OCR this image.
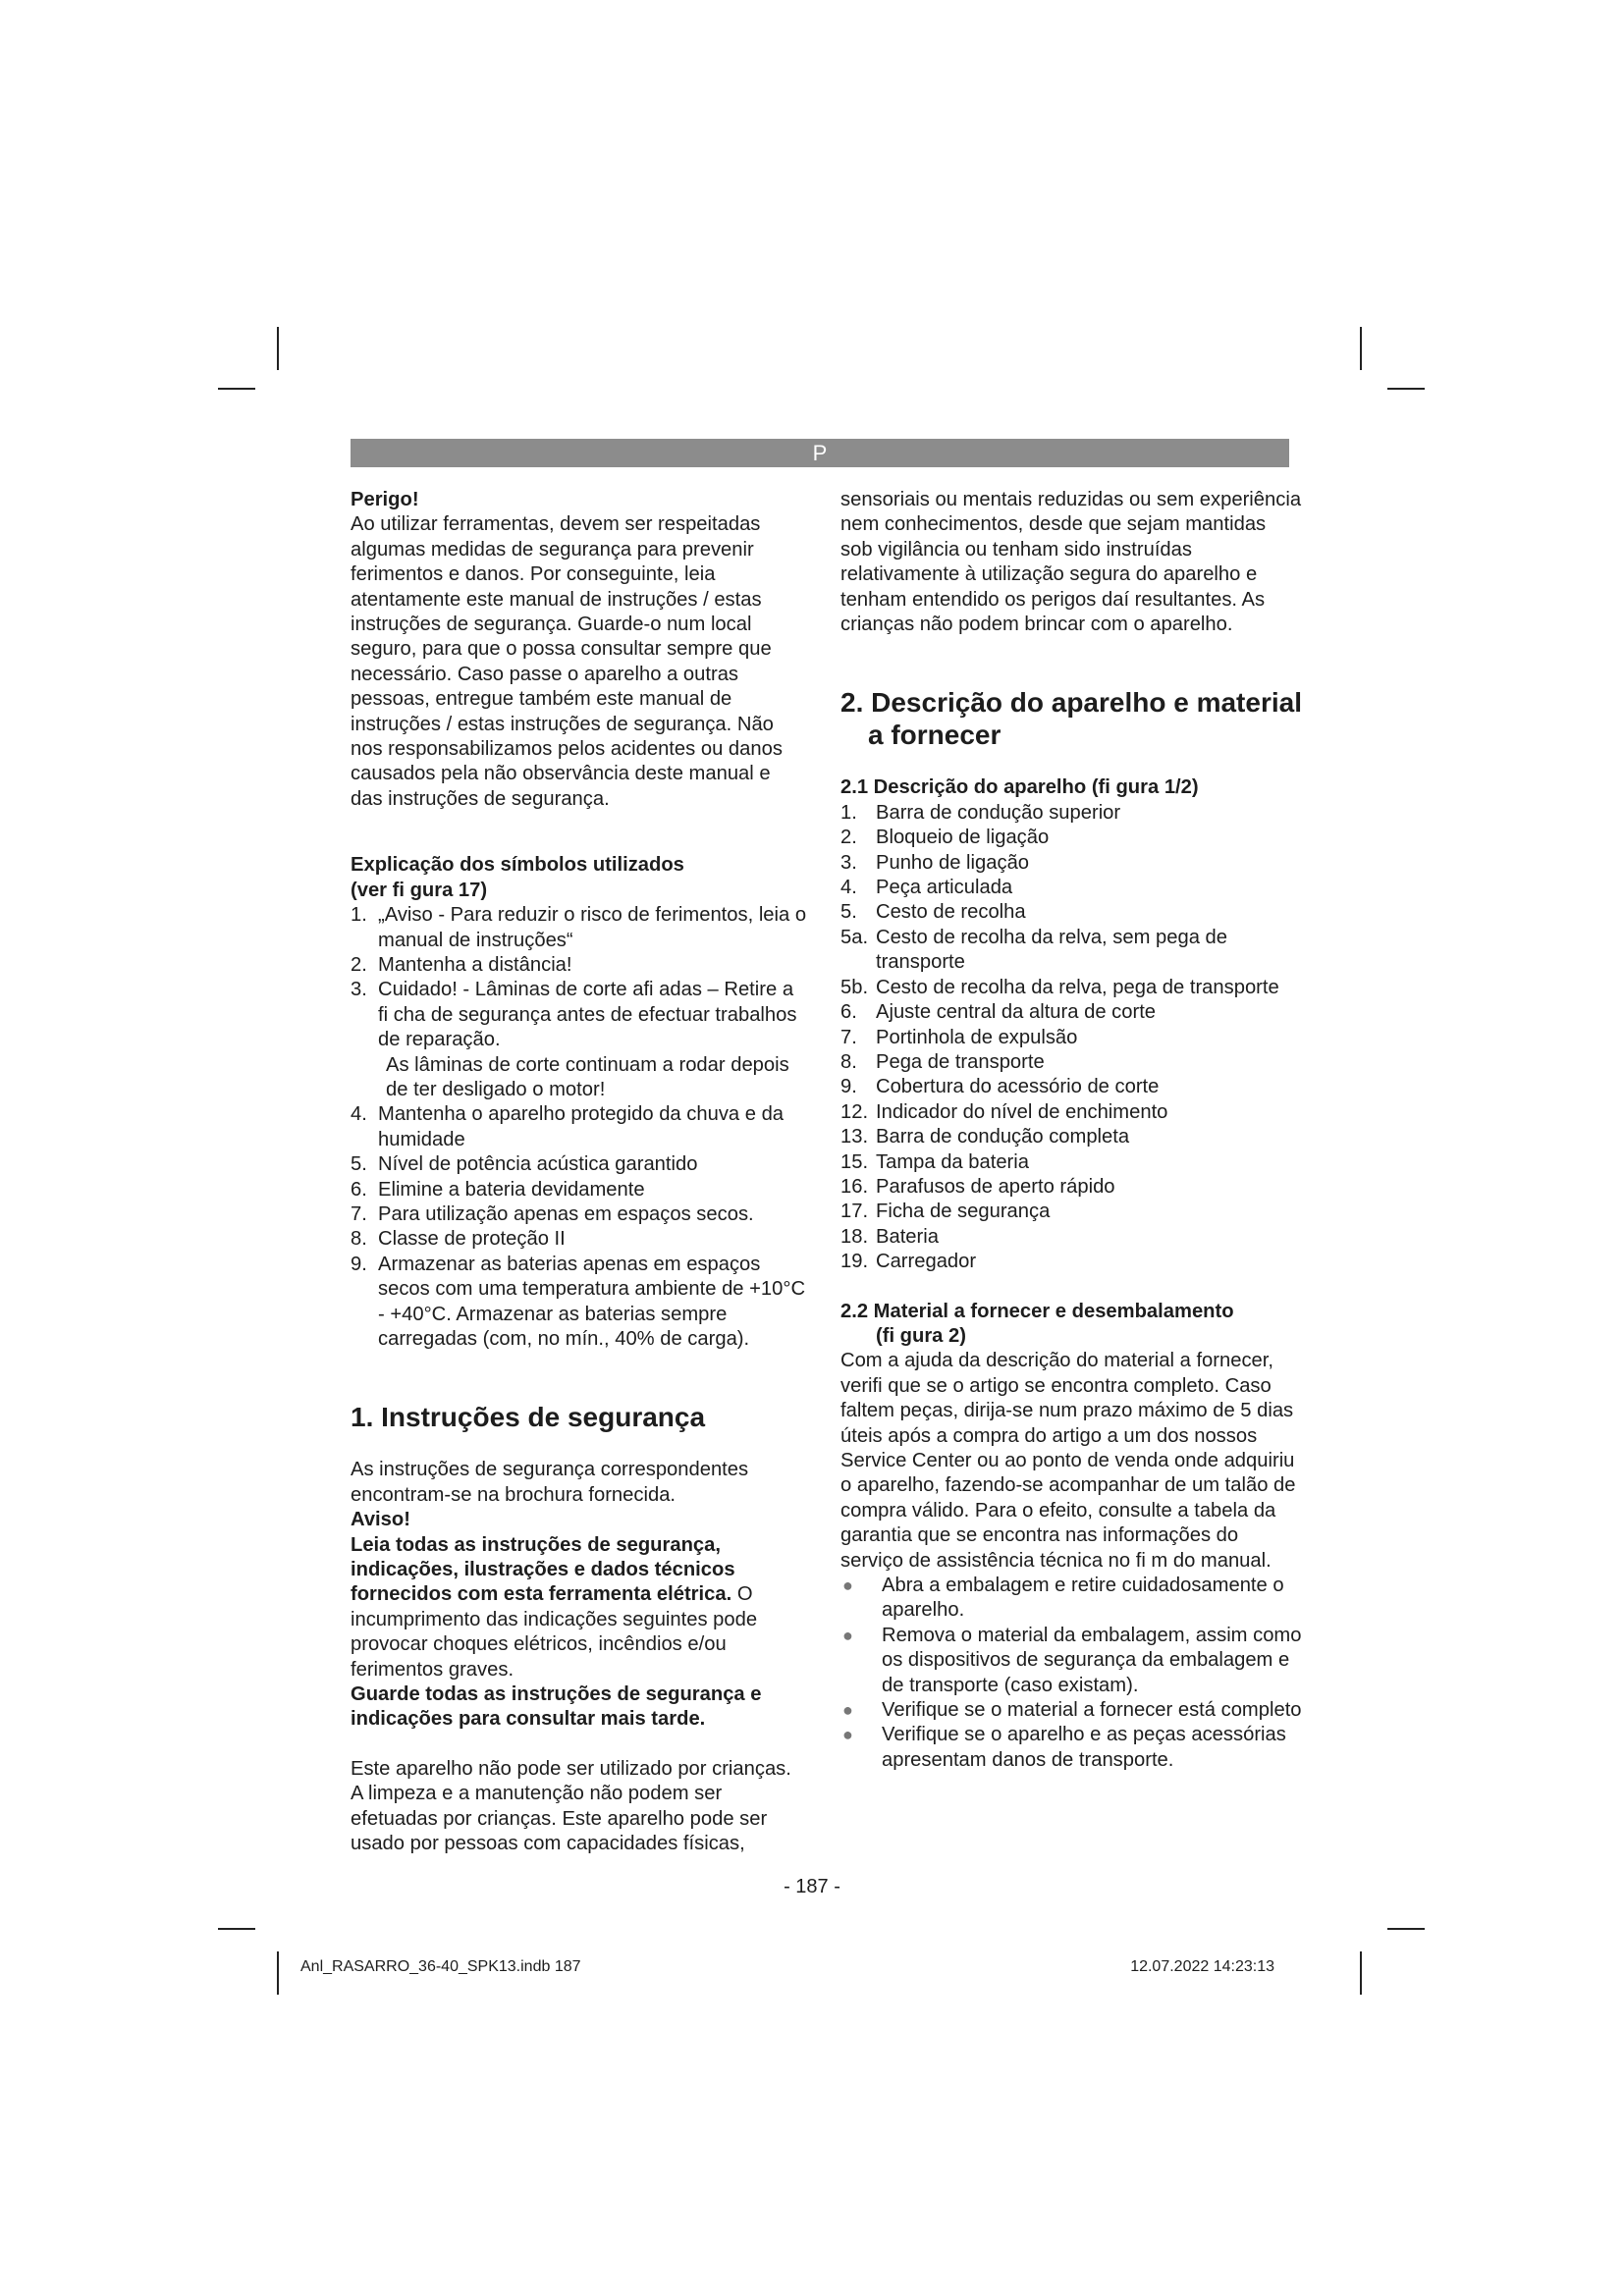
P

Perigo!

Ao utilizar ferramentas, devem ser respeitadas algumas medidas de segurança para prevenir ferimentos e danos. Por conseguinte, leia atentamente este manual de instruções / estas instruções de segurança. Guarde-o num local seguro, para que o possa consultar sempre que necessário. Caso passe o aparelho a outras pessoas, entregue também este manual de instruções / estas instruções de segurança. Não nos responsabilizamos pelos acidentes ou danos causados pela não observância deste manual e das instruções de segurança.

Explicação dos símbolos utilizados

(ver fi gura 17)

1. „Aviso - Para reduzir o risco de ferimentos, leia o manual de instruções“
2. Mantenha a distância!
3. Cuidado! - Lâminas de corte afi adas – Retire a fi cha de segurança antes de efectuar trabalhos de reparação.
As lâminas de corte continuam a rodar depois de ter desligado o motor!
4. Mantenha o aparelho protegido da chuva e da humidade
5. Nível de potência acústica garantido
6. Elimine a bateria devidamente
7. Para utilização apenas em espaços secos.
8. Classe de proteção II
9. Armazenar as baterias apenas em espaços secos com uma temperatura ambiente de +10°C - +40°C. Armazenar as baterias sempre carregadas (com, no mín., 40% de carga).
1. Instruções de segurança

As instruções de segurança correspondentes encontram-se na brochura fornecida.

Aviso!

Leia todas as instruções de segurança, indicações, ilustrações e dados técnicos fornecidos com esta ferramenta elétrica. O incumprimento das indicações seguintes pode provocar choques elétricos, incêndios e/ou ferimentos graves.

Guarde todas as instruções de segurança e indicações para consultar mais tarde.

Este aparelho não pode ser utilizado por crianças. A limpeza e a manutenção não podem ser efetuadas por crianças. Este aparelho pode ser usado por pessoas com capacidades físicas,

sensoriais ou mentais reduzidas ou sem experiência nem conhecimentos, desde que sejam mantidas sob vigilância ou tenham sido instruídas relativamente à utilização segura do aparelho e tenham entendido os perigos daí resultantes. As crianças não podem brincar com o aparelho.

2. Descrição do aparelho e material
a fornecer

2.1 Descrição do aparelho (fi gura 1/2)

1. Barra de condução superior
2. Bloqueio de ligação
3. Punho de ligação
4. Peça articulada
5. Cesto de recolha
5a. Cesto de recolha da relva, sem pega de transporte
5b. Cesto de recolha da relva, pega de transporte
6. Ajuste central da altura de corte
7. Portinhola de expulsão
8. Pega de transporte
9. Cobertura do acessório de corte
12. Indicador do nível de enchimento
13. Barra de condução completa
15. Tampa da bateria
16. Parafusos de aperto rápido
17. Ficha de segurança
18. Bateria
19. Carregador

2.2 Material a fornecer e desembalamento

(fi gura 2)

Com a ajuda da descrição do material a fornecer, verifi que se o artigo se encontra completo. Caso faltem peças, dirija-se num prazo máximo de 5 dias úteis após a compra do artigo a um dos nossos Service Center ou ao ponto de venda onde adquiriu o aparelho, fazendo-se acompanhar de um talão de compra válido. Para o efeito, consulte a tabela da garantia que se encontra nas informações do serviço de assistência técnica no fi m do manual.

● Abra a embalagem e retire cuidadosamente o aparelho.
● Remova o material da embalagem, assim como os dispositivos de segurança da embalagem e de transporte (caso existam).
● Verifique se o material a fornecer está completo
● Verifique se o aparelho e as peças acessórias apresentam danos de transporte.
- 187 -
Anl_RASARRO_36-40_SPK13.indb 187	12.07.2022 14:23:13
